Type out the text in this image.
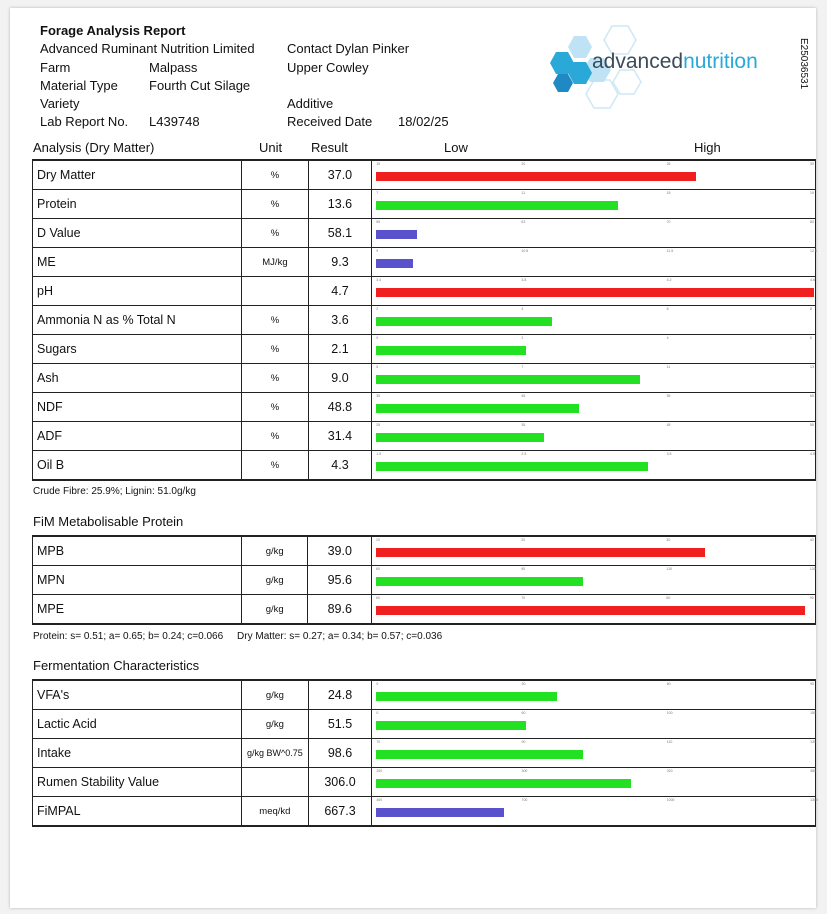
Forage Analysis Report
Advanced Ruminant Nutrition Limited Contact Dylan Pinker
Farm	Malpass	Upper Cowley
Material Type Fourth Cut Silage
Variety	Additive
Lab Report No. L439748	Received Date 18/02/25
E25036531
advancednutrition
Analysis (Dry Matter)	Unit Result	Low	High
Dry Matter	%	37.0	15 20 25 30

Protein	%	13.6	7 11 15 19

D Value	%	58.1	55 63 70 80

ME	MJ/kg	9.3	9 10.5 11.5 12.5

pH		4.7	3.4 3.8 4.2 4.6

Ammonia N as % Total N	%	3.6	2 4 6 8

Sugars	%	2.1	0 2 4 6

Ash	%	9.0	5 7 11 13

NDF	%	48.8	35 45 55 65

ADF	%	31.4	25 35 45 55

Oil B	%	4.3	1.5 2.5 3.5 4.5
Crude Fibre: 25.9%; Lignin: 51.0g/kg
FiM Metabolisable Protein
MPB	g/kg	39.0	10 20 30 40

MPN	g/kg	95.6	60 90 110 130

MPE	g/kg	89.6	60 70 80 90
Protein: s= 0.51; a= 0.65; b= 0.24; c=0.066     Dry Matter: s= 0.27; a= 0.34; b= 0.57; c=0.036
Fermentation Characteristics
VFA's	g/kg	24.8	0 30 60 90

Lactic Acid	g/kg	51.5	0 60 100 150

Intake	g/kg BW^0.75	98.6	70 90 110 130

Rumen Stability Value		306.0	200 300 320 380

FiMPAL	meq/kd	667.3	400 700 1000 1300
